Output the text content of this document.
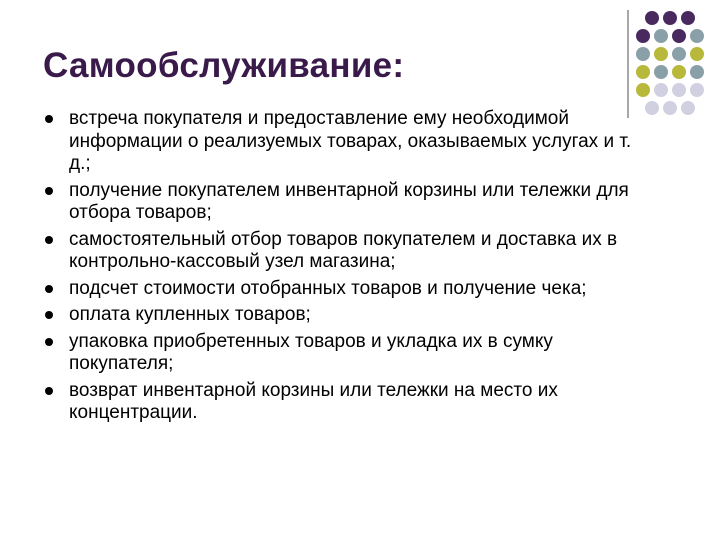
Самообслуживание:
встреча покупателя и предоставление ему необходимой информации о реализуемых товарах, оказываемых услугах и т. д.;
получение покупателем инвентарной корзины или тележки для отбора товаров;
самостоятельный отбор товаров покупателем и доставка их в контрольно-кассовый узел магазина;
подсчет стоимости отобранных товаров и получение чека;
оплата купленных товаров;
упаковка приобретенных товаров и укладка их в сумку покупателя;
возврат инвентарной корзины или тележки на место их концентрации.
